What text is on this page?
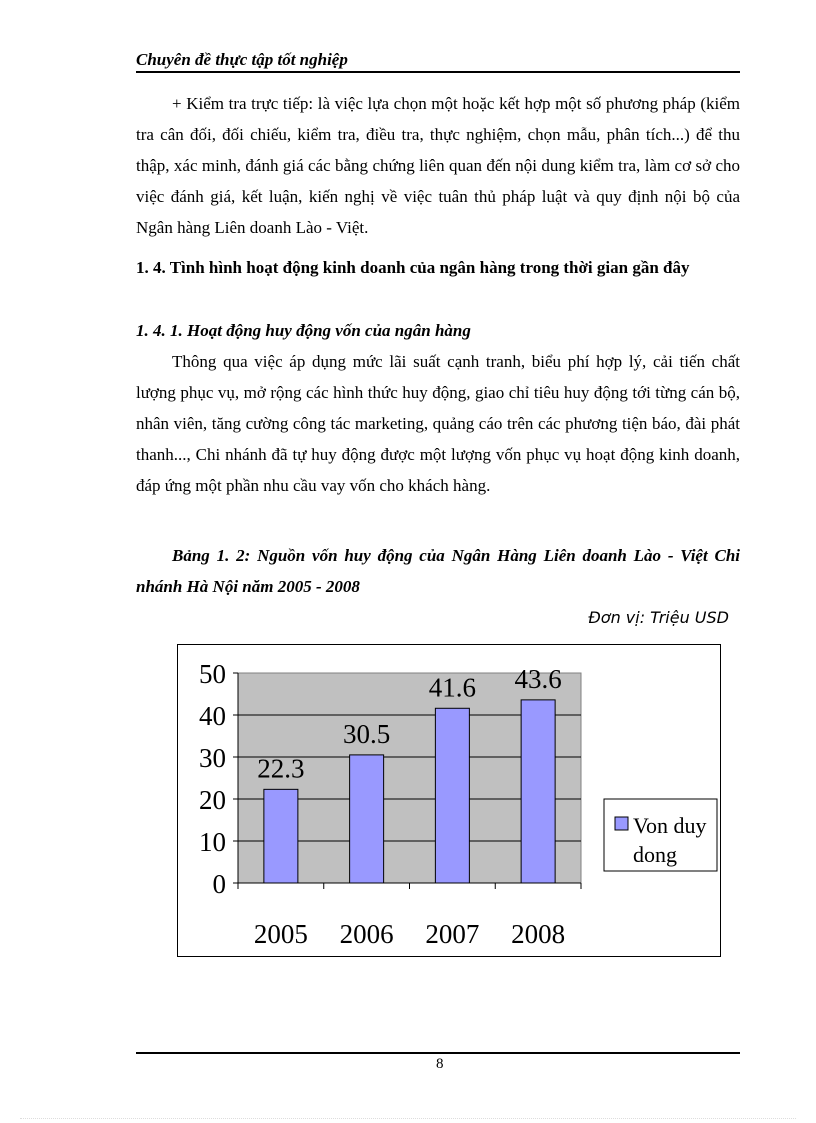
Chuyên đề thực tập tốt nghiệp
+ Kiểm tra trực tiếp: là việc lựa chọn một hoặc kết hợp một số phương pháp (kiểm tra cân đối, đối chiếu, kiểm tra, điều tra, thực nghiệm, chọn mẫu, phân tích...) để thu thập, xác minh, đánh giá các bằng chứng liên quan đến nội dung kiểm tra, làm cơ sở cho việc đánh giá, kết luận, kiến nghị về việc tuân thủ pháp luật và quy định nội bộ của Ngân hàng Liên doanh Lào - Việt.
1. 4. Tình hình hoạt động kinh doanh của ngân hàng trong thời gian gần đây
1. 4. 1. Hoạt động huy động vốn của ngân hàng
Thông qua việc áp dụng mức lãi suất cạnh tranh, biểu phí hợp lý, cải tiến chất lượng phục vụ, mở rộng các hình thức huy động, giao chỉ tiêu huy động tới từng cán bộ, nhân viên, tăng cường công tác marketing, quảng cáo trên các phương tiện báo, đài phát thanh..., Chi nhánh đã tự huy động được một lượng vốn phục vụ hoạt động kinh doanh, đáp ứng một phần nhu cầu vay vốn cho khách hàng.
Bảng 1. 2: Nguồn vốn huy động của Ngân Hàng Liên doanh Lào - Việt Chi nhánh Hà Nội năm 2005 - 2008
Đơn vị: Triệu USD
0
10
20
30
40
50
22.3
2005
30.5
2006
41.6
2007
43.6
2008
Von duy
dong
8
